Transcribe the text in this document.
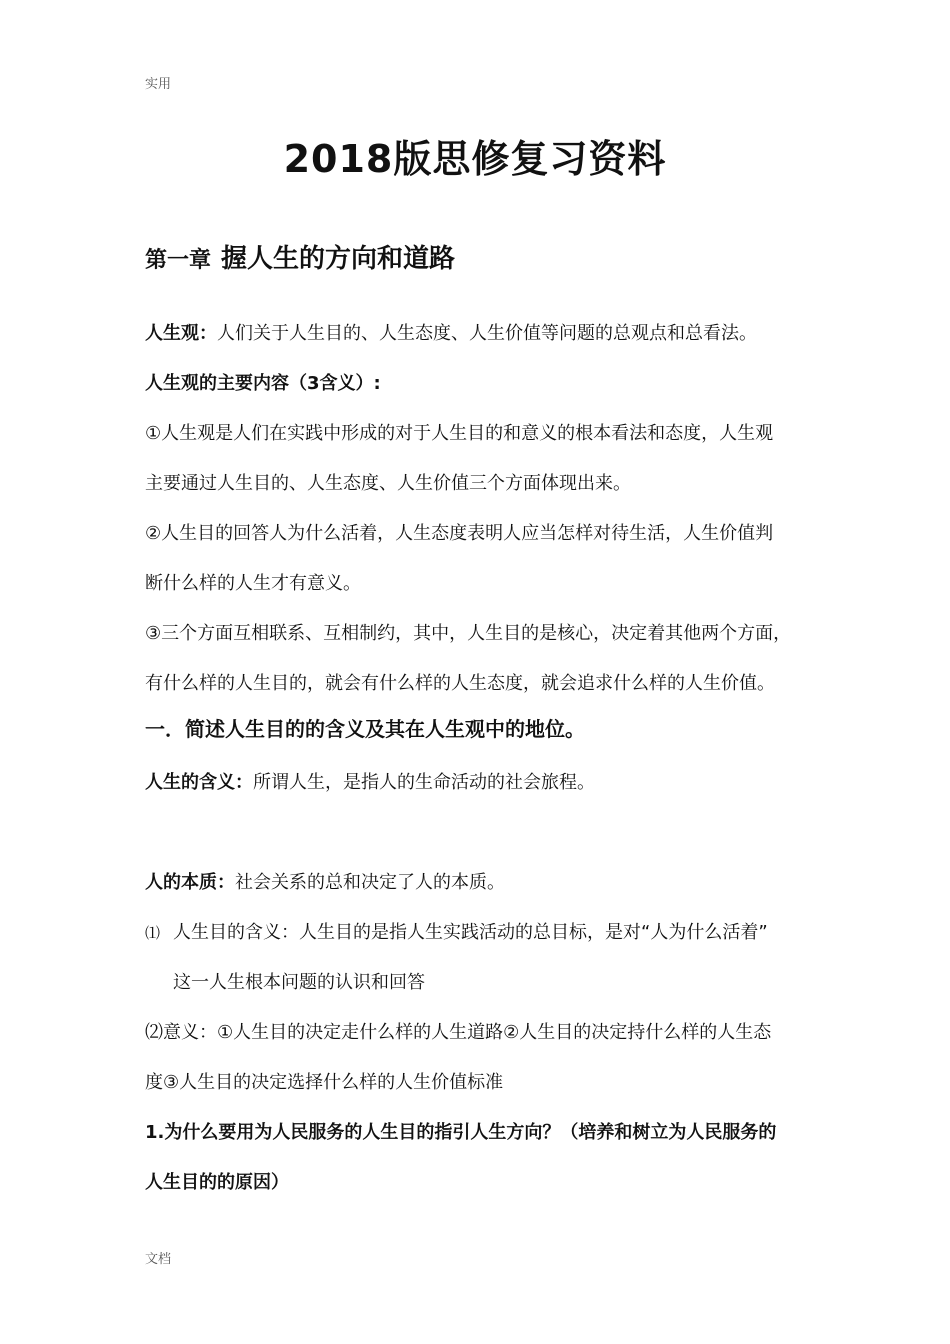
实用
2018版思修复习资料
第一章 握人生的方向和道路
人生观：人们关于人生目的、人生态度、人生价值等问题的总观点和总看法。
人生观的主要内容（3含义）:
①人生观是人们在实践中形成的对于人生目的和意义的根本看法和态度，人生观
主要通过人生目的、人生态度、人生价值三个方面体现出来。
②人生目的回答人为什么活着，人生态度表明人应当怎样对待生活，人生价值判
断什么样的人生才有意义。
③三个方面互相联系、互相制约，其中，人生目的是核心，决定着其他两个方面，
有什么样的人生目的，就会有什么样的人生态度，就会追求什么样的人生价值。
一．简述人生目的的含义及其在人生观中的地位。
人生的含义：所谓人生，是指人的生命活动的社会旅程。
人的本质：社会关系的总和决定了人的本质。
⑴ 人生目的含义：人生目的是指人生实践活动的总目标，是对“人为什么活着”
这一人生根本问题的认识和回答
⑵意义：①人生目的决定走什么样的人生道路②人生目的决定持什么样的人生态
度③人生目的决定选择什么样的人生价值标准
1.为什么要用为人民服务的人生目的指引人生方向？（培养和树立为人民服务的
人生目的的原因）
文档
